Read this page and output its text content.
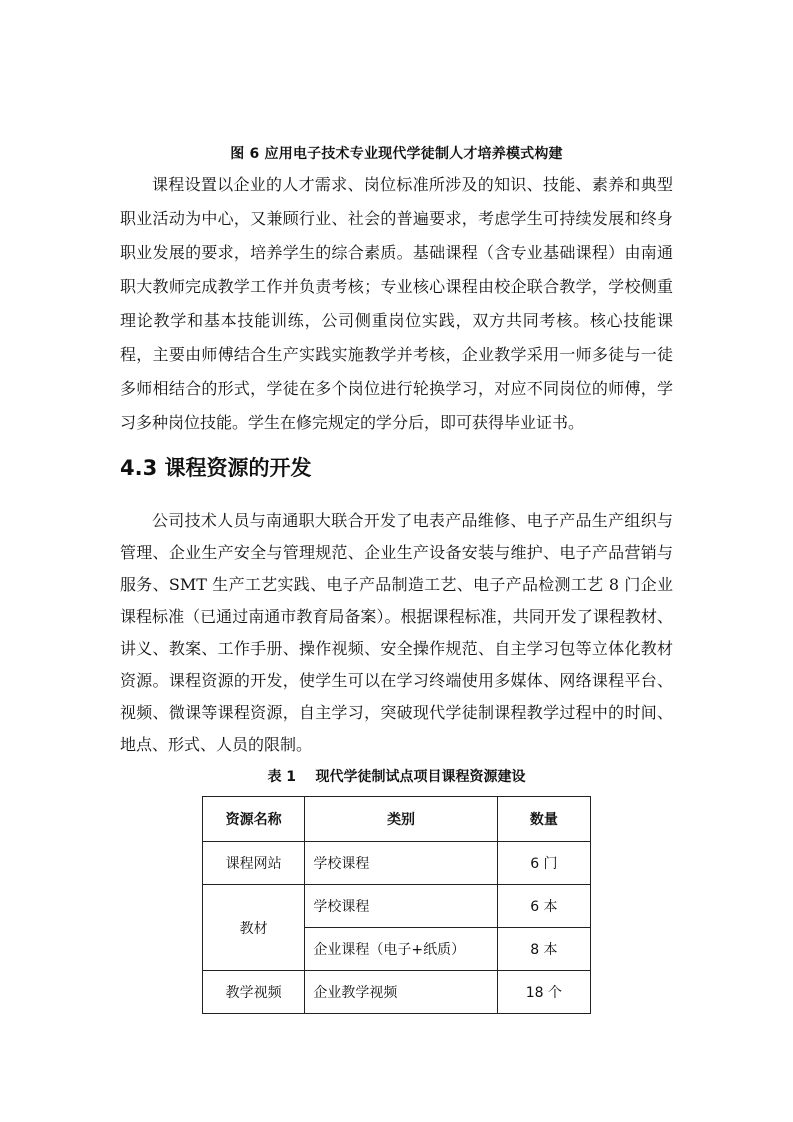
图 6 应用电子技术专业现代学徒制人才培养模式构建

课程设置以企业的人才需求、岗位标准所涉及的知识、技能、素养和典型职业活动为中心，又兼顾行业、社会的普遍要求，考虑学生可持续发展和终身职业发展的要求，培养学生的综合素质。基础课程（含专业基础课程）由南通职大教师完成教学工作并负责考核；专业核心课程由校企联合教学，学校侧重理论教学和基本技能训练，公司侧重岗位实践，双方共同考核。核心技能课程，主要由师傅结合生产实践实施教学并考核，企业教学采用一师多徒与一徒多师相结合的形式，学徒在多个岗位进行轮换学习，对应不同岗位的师傅，学习多种岗位技能。学生在修完规定的学分后，即可获得毕业证书。

4.3 课程资源的开发

公司技术人员与南通职大联合开发了电表产品维修、电子产品生产组织与管理、企业生产安全与管理规范、企业生产设备安装与维护、电子产品营销与服务、SMT 生产工艺实践、电子产品制造工艺、电子产品检测工艺 8 门企业课程标准（已通过南通市教育局备案）。根据课程标准，共同开发了课程教材、讲义、教案、工作手册、操作视频、安全操作规范、自主学习包等立体化教材资源。课程资源的开发，使学生可以在学习终端使用多媒体、网络课程平台、视频、微课等课程资源，自主学习，突破现代学徒制课程教学过程中的时间、地点、形式、人员的限制。

表 1    现代学徒制试点项目课程资源建设
资源名称	类别	数量
课程网站	学校课程	6 门
教材	学校课程	6 本
	企业课程（电子+纸质）	8 本
教学视频	企业教学视频	18 个
